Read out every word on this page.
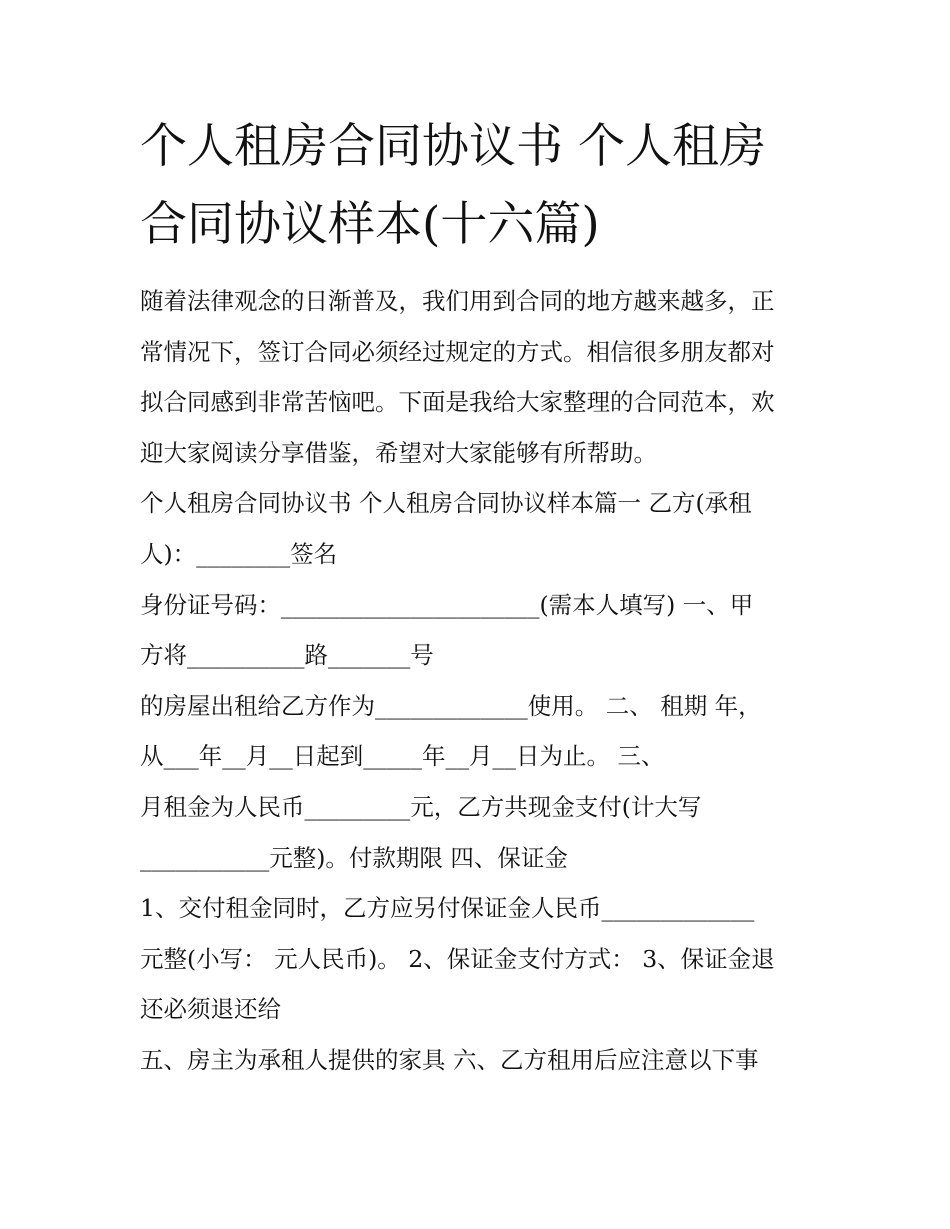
个人租房合同协议书 个人租房
合同协议样本(十六篇)
随着法律观念的日渐普及，我们用到合同的地方越来越多，正
常情况下，签订合同必须经过规定的方式。相信很多朋友都对
拟合同感到非常苦恼吧。下面是我给大家整理的合同范本，欢
迎大家阅读分享借鉴，希望对大家能够有所帮助。
个人租房合同协议书 个人租房合同协议样本篇一 乙方(承租
人)：________签名
身份证号码：______________________(需本人填写) 一、甲
方将__________路_______号
的房屋出租给乙方作为_____________使用。 二、 租期 年，
从___年__月__日起到_____年__月__日为止。 三、
月租金为人民币_________元，乙方共现金支付(计大写
___________元整)。付款期限 四、保证金
1、交付租金同时，乙方应另付保证金人民币_____________
元整(小写： 元人民币)。 2、保证金支付方式： 3、保证金退
还必须退还给
五、房主为承租人提供的家具 六、乙方租用后应注意以下事
